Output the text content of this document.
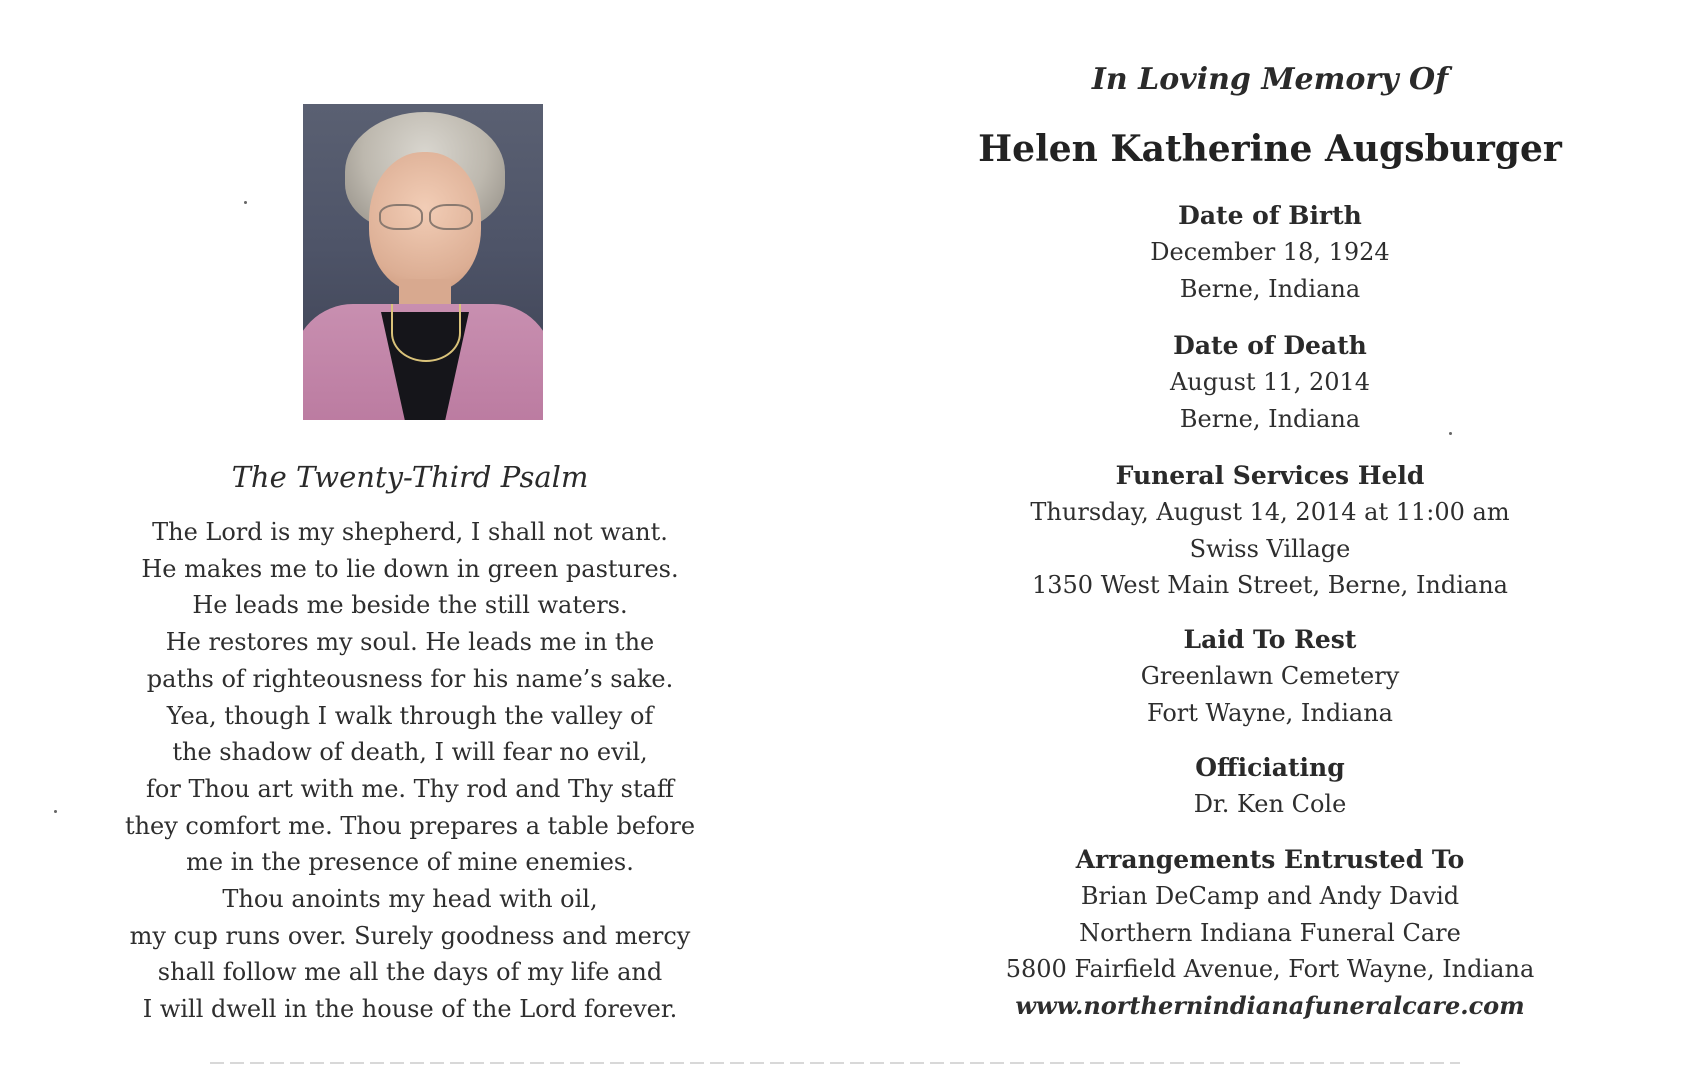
The Twenty-Third Psalm
The Lord is my shepherd, I shall not want.
He makes me to lie down in green pastures.
He leads me beside the still waters.
He restores my soul. He leads me in the
paths of righteousness for his name’s sake.
Yea, though I walk through the valley of
the shadow of death, I will fear no evil,
for Thou art with me. Thy rod and Thy staff
they comfort me. Thou prepares a table before
me in the presence of mine enemies.
Thou anoints my head with oil,
my cup runs over. Surely goodness and mercy
shall follow me all the days of my life and
I will dwell in the house of the Lord forever.
In Loving Memory Of
Helen Katherine Augsburger
Date of Birth
December 18, 1924
Berne, Indiana
Date of Death
August 11, 2014
Berne, Indiana
Funeral Services Held
Thursday, August 14, 2014 at 11:00 am
Swiss Village
1350 West Main Street, Berne, Indiana
Laid To Rest
Greenlawn Cemetery
Fort Wayne, Indiana
Officiating
Dr. Ken Cole
Arrangements Entrusted To
Brian DeCamp and Andy David
Northern Indiana Funeral Care
5800 Fairfield Avenue, Fort Wayne, Indiana
www.northernindianafuneralcare.com
